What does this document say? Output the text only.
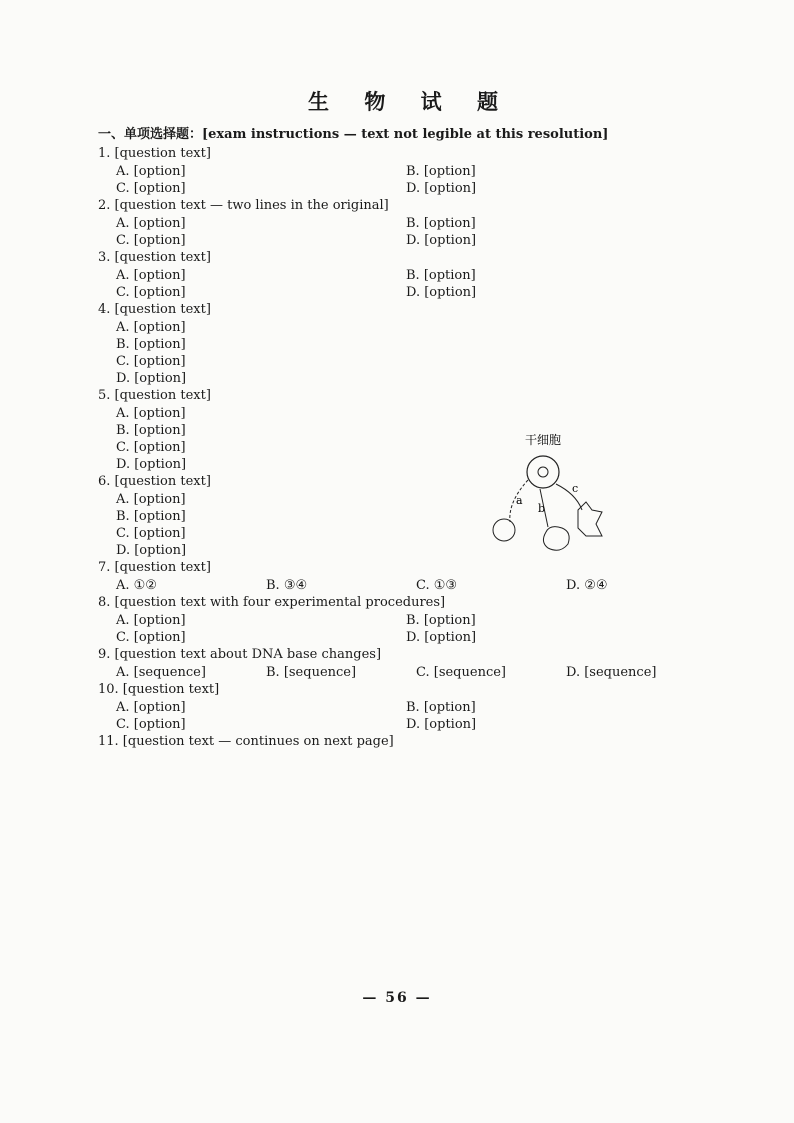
生 物 试 题
一、单项选择题：[exam instructions — text not legible at this resolution]
1. [question text]
A. [option]	B. [option]
C. [option]	D. [option]
2. [question text — two lines in the original]
A. [option]	B. [option]
C. [option]	D. [option]
3. [question text]
A. [option]	B. [option]
C. [option]	D. [option]
4. [question text]
A. [option]
B. [option]
C. [option]
D. [option]
5. [question text]
A. [option]
B. [option]
C. [option]
D. [option]
6. [question text]
A. [option]
B. [option]
C. [option]
D. [option]
7. [question text]
A. ①②	B. ③④	C. ①③	D. ②④
8. [question text with four experimental procedures]
A. [option]	B. [option]
C. [option]	D. [option]
9. [question text about DNA base changes]
A. [sequence]	B. [sequence]	C. [sequence]	D. [sequence]
10. [question text]
A. [option]	B. [option]
C. [option]	D. [option]
11. [question text — continues on next page]
干细胞
a
b
c
— 56 —
